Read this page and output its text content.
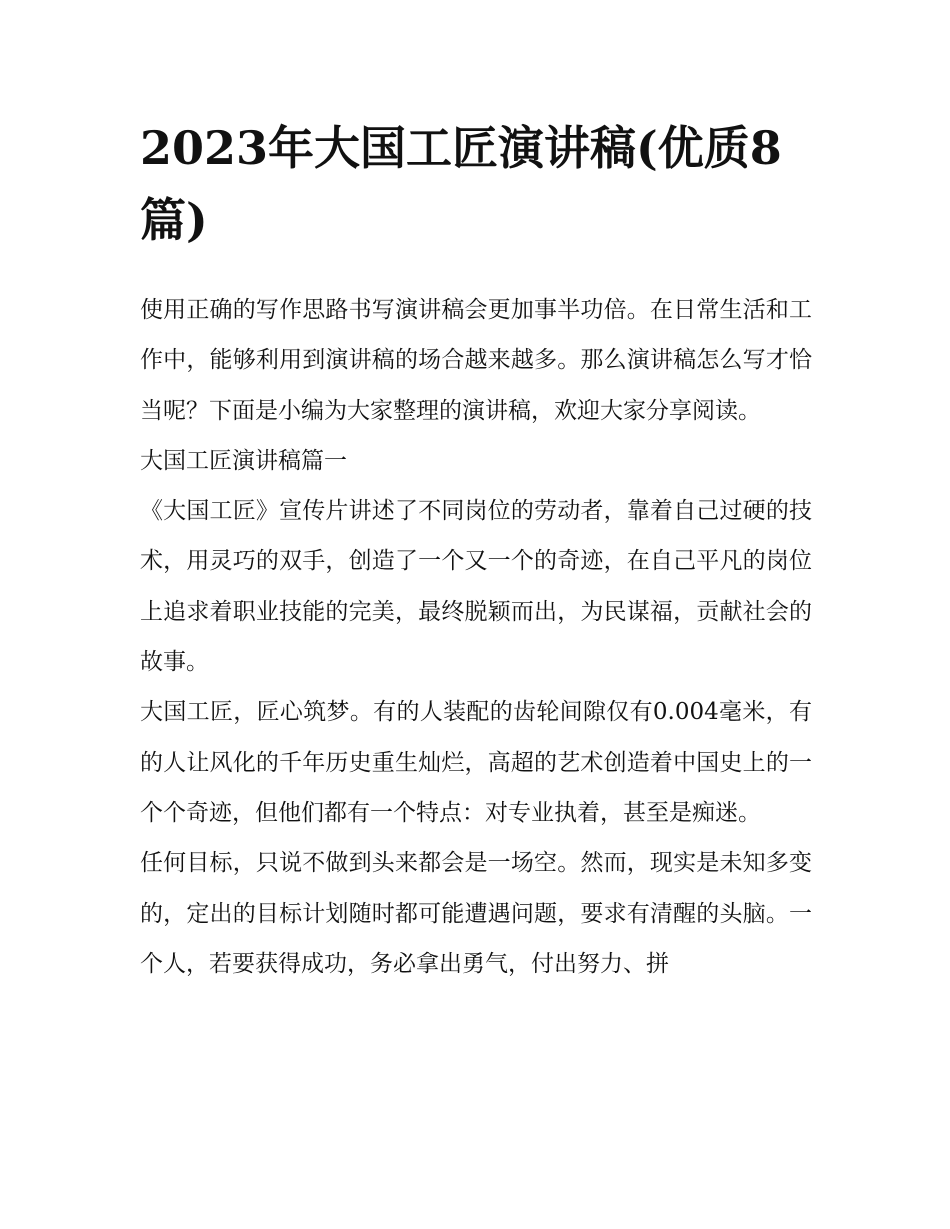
2023年大国工匠演讲稿(优质8篇)

使用正确的写作思路书写演讲稿会更加事半功倍。在日常生活和工作中，能够利用到演讲稿的场合越来越多。那么演讲稿怎么写才恰当呢？下面是小编为大家整理的演讲稿，欢迎大家分享阅读。

大国工匠演讲稿篇一

《大国工匠》宣传片讲述了不同岗位的劳动者，靠着自己过硬的技术，用灵巧的双手，创造了一个又一个的奇迹，在自己平凡的岗位上追求着职业技能的完美，最终脱颖而出，为民谋福，贡献社会的故事。

大国工匠，匠心筑梦。有的人装配的齿轮间隙仅有0.004毫米，有的人让风化的千年历史重生灿烂，高超的艺术创造着中国史上的一个个奇迹，但他们都有一个特点：对专业执着，甚至是痴迷。

任何目标，只说不做到头来都会是一场空。然而，现实是未知多变的，定出的目标计划随时都可能遭遇问题，要求有清醒的头脑。一个人，若要获得成功，务必拿出勇气，付出努力、拼
